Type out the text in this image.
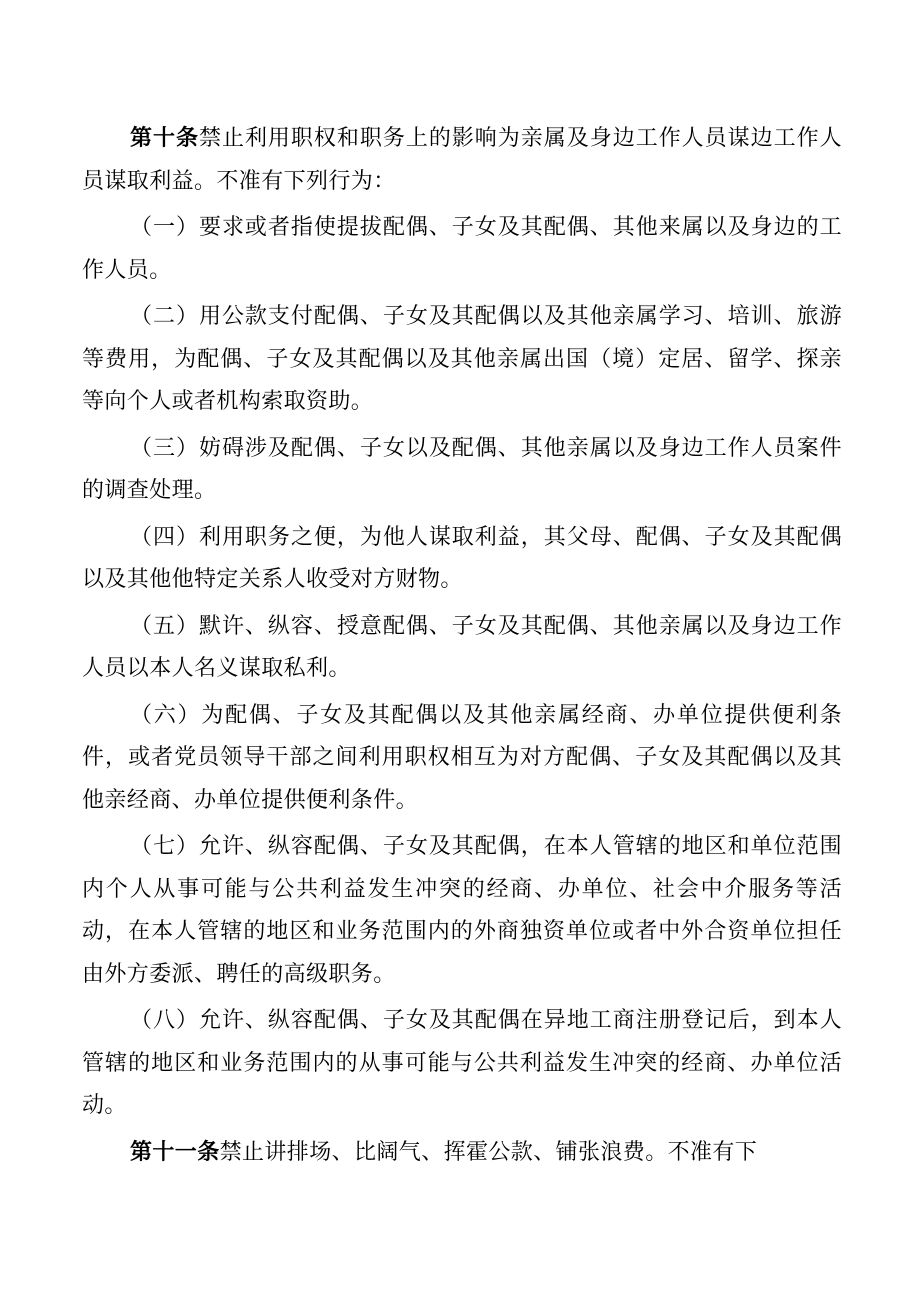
第十条禁止利用职权和职务上的影响为亲属及身边工作人员谋边工作人员谋取利益。不准有下列行为：

（一）要求或者指使提拔配偶、子女及其配偶、其他来属以及身边的工作人员。

（二）用公款支付配偶、子女及其配偶以及其他亲属学习、培训、旅游等费用，为配偶、子女及其配偶以及其他亲属出国（境）定居、留学、探亲等向个人或者机构索取资助。

（三）妨碍涉及配偶、子女以及配偶、其他亲属以及身边工作人员案件的调查处理。

（四）利用职务之便，为他人谋取利益，其父母、配偶、子女及其配偶以及其他他特定关系人收受对方财物。

（五）默许、纵容、授意配偶、子女及其配偶、其他亲属以及身边工作人员以本人名义谋取私利。

（六）为配偶、子女及其配偶以及其他亲属经商、办单位提供便利条件，或者党员领导干部之间利用职权相互为对方配偶、子女及其配偶以及其他亲经商、办单位提供便利条件。

（七）允许、纵容配偶、子女及其配偶，在本人管辖的地区和单位范围内个人从事可能与公共利益发生冲突的经商、办单位、社会中介服务等活动，在本人管辖的地区和业务范围内的外商独资单位或者中外合资单位担任由外方委派、聘任的高级职务。

（八）允许、纵容配偶、子女及其配偶在异地工商注册登记后，到本人管辖的地区和业务范围内的从事可能与公共利益发生冲突的经商、办单位活动。

第十一条禁止讲排场、比阔气、挥霍公款、铺张浪费。不准有下
